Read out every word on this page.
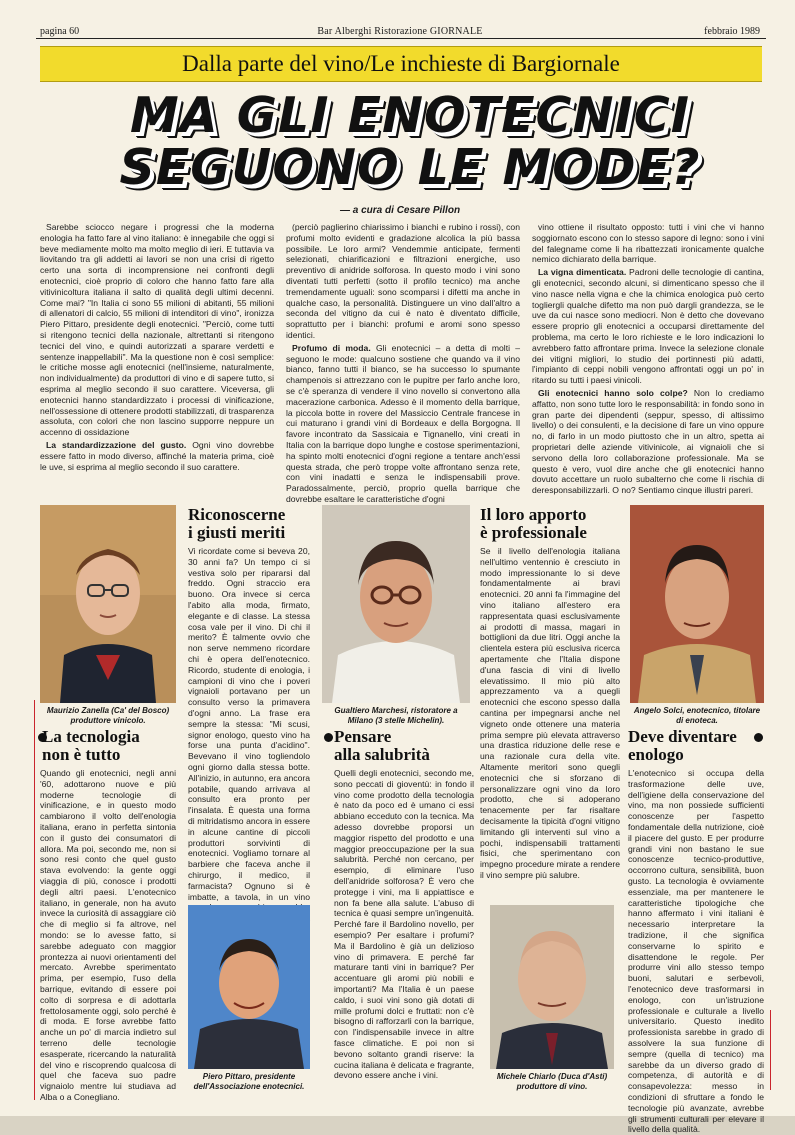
pagina 60	Bar Alberghi Ristorazione GIORNALE	febbraio 1989
Dalla parte del vino/Le inchieste di Bargiornale
MA GLI ENOTECNICI
SEGUONO LE MODE?
— a cura di Cesare Pillon

Sarebbe sciocco negare i progressi che la moderna enologia ha fatto fare al vino italiano: è innegabile che oggi si beve mediamente molto ma molto meglio di ieri. E tuttavia va liovitando tra gli addetti ai lavori se non una crisi di rigetto certo una sorta di incomprensione nei confronti degli enotecnici, cioè proprio di coloro che hanno fatto fare alla vitivinicoltura italiana il salto di qualità degli ultimi decenni. Come mai? "In Italia ci sono 55 milioni di abitanti, 55 milioni di allenatori di calcio, 55 milioni di intenditori di vino", ironizza Piero Pittaro, presidente degli enotecnici. "Perciò, come tutti si ritengono tecnici della nazionale, altrettanti si ritengono tecnici del vino, e quindi autorizzati a sparare verdetti e sentenze inappellabili". Ma la questione non è così semplice: le critiche mosse agli enotecnici (nell'insieme, naturalmente, non individualmente) da produttori di vino e di sapere tutto, si esprima al meglio secondo il suo carattere. Viceversa, gli enotecnici hanno standardizzato i processi di vinificazione, nell'ossessione di ottenere prodotti stabilizzati, di trasparenza assoluta, con colori che non lascino supporre neppure un accenno di ossidazione

La standardizzazione del gusto. Ogni vino dovrebbe essere fatto in modo diverso, affinché la materia prima, cioè le uve, si esprima al meglio secondo il suo carattere.

(perciò paglierino chiarissimo i bianchi e rubino i rossi), con profumi molto evidenti e gradazione alcolica la più bassa possibile. Le loro armi? Vendemmie anticipate, fermenti selezionati, chiarificazioni e filtrazioni energiche, uso preventivo di anidride solforosa. In questo modo i vini sono diventati tutti perfetti (sotto il profilo tecnico) ma anche tremendamente uguali: sono scomparsi i difetti ma anche in qualche caso, la personalità. Distinguere un vino dall'altro a seconda del vitigno da cui è nato è diventato difficile, soprattutto per i bianchi: profumi e aromi sono spesso identici.

Profumo di moda. Gli enotecnici – a detta di molti – seguono le mode: qualcuno sostiene che quando va il vino bianco, fanno tutti il bianco, se ha successo lo spumante champenois si attrezzano con le pupitre per farlo anche loro, se c'è speranza di vendere il vino novello si convertono alla macerazione carbonica. Adesso è il momento della barrique, la piccola botte in rovere del Massiccio Centrale francese in cui maturano i grandi vini di Bordeaux e della Borgogna. Il favore incontrato da Sassicaia e Tignanello, vini creati in Italia con la barrique dopo lunghe e costose sperimentazioni, ha spinto molti enotecnici d'ogni regione a tentare anch'essi questa strada, che però troppe volte affrontano senza rete, con vini inadatti e senza le indispensabili prove. Paradossalmente, perciò, proprio quella barrique che dovrebbe esaltare le caratteristiche d'ogni

vino ottiene il risultato opposto: tutti i vini che vi hanno soggiornato escono con lo stesso sapore di legno: sono i vini del falegname come li ha ribattezzati ironicamente qualche nemico dichiarato della barrique.

La vigna dimenticata. Padroni delle tecnologie di cantina, gli enotecnici, secondo alcuni, si dimenticano spesso che il vino nasce nella vigna e che la chimica enologica può certo togliergli qualche difetto ma non può dargli grandezza, se le uve da cui nasce sono mediocri. Non è detto che dovevano essere proprio gli enotecnici a occuparsi direttamente del problema, ma certo le loro richieste e le loro indicazioni lo avrebbero fatto affrontare prima. Invece la selezione clonale dei vitigni migliori, lo studio dei portinnesti più adatti, l'impianto di ceppi nobili vengono affrontati oggi un po' in ritardo su tutti i paesi vinicoli.

Gli enotecnici hanno solo colpe? Non lo crediamo affatto, non sono tutte loro le responsabilità: in fondo sono in gran parte dei dipendenti (seppur, spesso, di altissimo livello) o dei consulenti, e la decisione di fare un vino oppure no, di farlo in un modo piuttosto che in un altro, spetta ai proprietari delle aziende vitivinicole, ai vignaioli che si servono della loro collaborazione professionale. Ma se questo è vero, vuol dire anche che gli enotecnici hanno dovuto accettare un ruolo subalterno che come li rischia di deresponsabilizzarli. O no? Sentiamo cinque illustri pareri.

Maurizio Zanella (Ca' del Bosco) produttore vinicolo.
Riconoscerne
i giusti meriti
Vi ricordate come si beveva 20, 30 anni fa? Un tempo ci si vestiva solo per ripararsi dal freddo. Ogni straccio era buono. Ora invece si cerca l'abito alla moda, firmato, elegante e di classe. La stessa cosa vale per il vino. Di chi il merito? È talmente ovvio che non serve nemmeno ricordare chi è opera dell'enotecnico. Ricordo, studente di enologia, i campioni di vino che i poveri vignaioli portavano per un consulto verso la primavera d'ogni anno. La frase era sempre la stessa: "Mi scusi, signor enologo, questo vino ha forse una punta d'acidino". Bevevano il vino togliendolo ogni giorno dalla stessa botte. All'inizio, in autunno, era ancora potabile, quando arrivava al consulto era pronto per l'insalata. È questa una forma di mitridatismo ancora in essere in alcune cantine di piccoli produttori sorvivinti di enotecnici. Vogliamo tornare al barbiere che faceva anche il chirurgo, il medico, il farmacista? Ognuno si è imbatte, a tavola, in un vino
Gualtiero Marchesi, ristoratore a Milano (3 stelle Michelin).
Il loro apporto
è professionale
Se il livello dell'enologia italiana nell'ultimo ventennio è cresciuto in modo impressionante lo si deve fondamentalmente ai bravi enotecnici. 20 anni fa l'immagine del vino italiano all'estero era rappresentata quasi esclusivamente ai prodotti di massa, magari in bottiglioni da due litri. Oggi anche la clientela estera più esclusiva ricerca apertamente che l'Italia dispone d'una fascia di vini di livello elevatissimo. Il mio più alto apprezzamento va a quegli enotecnici che escono spesso dalla cantina per impegnarsi anche nel vigneto onde ottenere una materia prima sempre più elevata attraverso una drastica riduzione delle rese e una razionale cura della vite. Altamente meritori sono quegli enotecnici che si sforzano di personalizzare ogni vino da loro prodotto, che si adoperano tenacemente per far risaltare decisamente la tipicità d'ogni vitigno limitando gli interventi sul vino a pochi, indispensabili trattamenti fisici, che sperimentano con impegno procedure mirate a rendere il vino sempre più salubre.
Angelo Solci, enotecnico, titolare di enoteca.
La tecnologia
non è tutto
Quando gli enotecnici, negli anni '60, adottarono nuove e più moderne tecnologie di vinificazione, e in questo modo cambiarono il volto dell'enologia italiana, erano in perfetta sintonia con il gusto dei consumatori di allora. Ma poi, secondo me, non si sono resi conto che quel gusto stava evolvendo: la gente oggi viaggia di più, conosce i prodotti degli altri paesi. L'enotecnico italiano, in generale, non ha avuto invece la curiosità di assaggiare ciò che di meglio si fa altrove, nel mondo: se lo avesse fatto, si sarebbe adeguato con maggior prontezza ai nuovi orientamenti del mercato. Avrebbe sperimentato prima, per esempio, l'uso della barrique, evitando di essere poi colto di sorpresa e di adottarla frettolosamente oggi, solo perché è di moda. E forse avrebbe fatto anche un po' di marcia indietro sul terreno delle tecnologie esasperate, ricercando la naturalità del vino e riscoprendo qualcosa di quel che faceva suo padre vignaiolo mentre lui studiava ad Alba o a Conegliano.
Piero Pittaro, presidente dell'Associazione enotecnici.
Pensare
alla salubrità
Quelli degli enotecnici, secondo me, sono peccati di gioventù: in fondo il vino come prodotto della tecnologia è nato da poco ed è umano ci essi abbiano ecceduto con la tecnica. Ma adesso dovrebbe proporsi un maggior rispetto del prodotto e una maggior preoccupazione per la sua salubrità. Perché non cercano, per esempio, di eliminare l'uso dell'anidride solforosa? È vero che protegge i vini, ma li appiattisce e non fa bene alla salute. L'abuso di tecnica è quasi sempre un'ingenuità. Perché fare il Bardolino novello, per esempio? Per esaltare i profumi? Ma il Bardolino è già un delizioso vino di primavera. E perché far maturare tanti vini in barrique? Per accentuare gli aromi più nobili e importanti? Ma l'Italia è un paese caldo, i suoi vini sono già dotati di mille profumi dolci e fruttati: non c'è bisogno di rafforzarli con la barrique, con l'indispensabile invece in altre fasce climatiche. E poi non si bevono soltanto grandi riserve: la cucina italiana è delicata e fragrante, devono essere anche i vini.	Michele Chiarlo (Duca d'Asti) produttore di vino.
Deve diventare
enologo
L'enotecnico si occupa della trasformazione delle uve, dell'igiene della conservazione del vino, ma non possiede sufficienti conoscenze per l'aspetto fondamentale della nutrizione, cioè il piacere del gusto. E per produrre grandi vini non bastano le sue conoscenze tecnico-produttive, occorrono cultura, sensibilità, buon gusto. La tecnologia è ovviamente essenziale, ma per mantenere le caratteristiche tipologiche che hanno affermato i vini italiani è necessario interpretare la tradizione, il che significa conservarne lo spirito e disattendone le regole. Per produrre vini allo stesso tempo buoni, salutari e serbevoli, l'enotecnico deve trasformarsi in enologo, con un'istruzione professionale e culturale a livello universitario. Questo inedito professionista sarebbe in grado di assolvere la sua funzione di sempre (quella di tecnico) ma sarebbe da un diverso grado di competenza, di autorità e di consapevolezza: messo in condizioni di sfruttare a fondo le tecnologie più avanzate, avrebbe gli strumenti culturali per elevare il livello della qualità.
